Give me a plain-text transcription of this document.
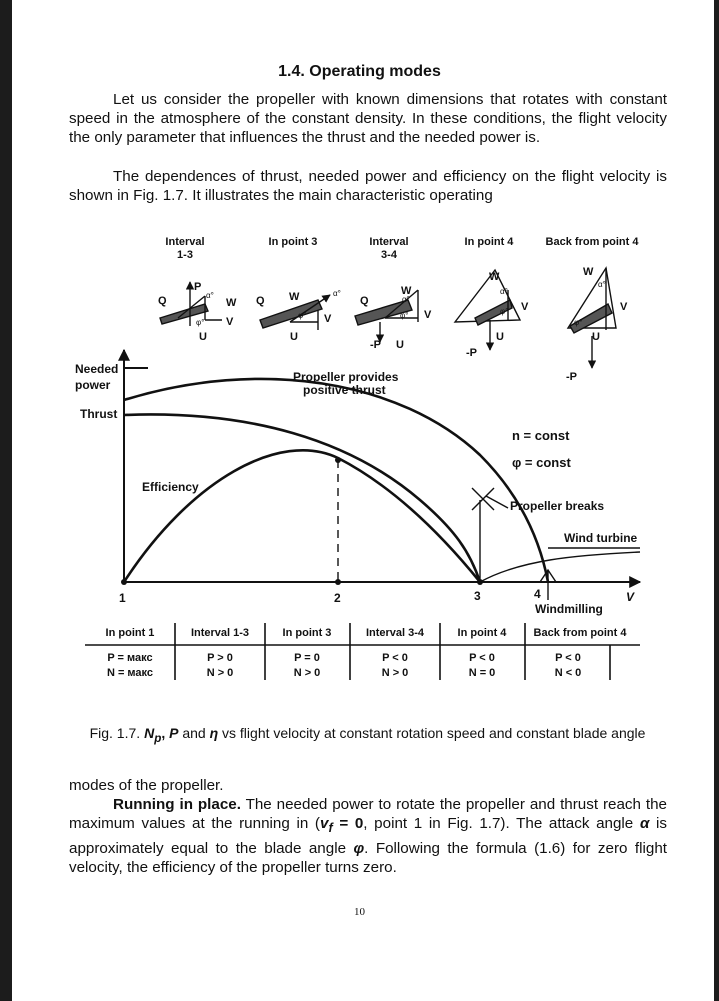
1.4. Operating modes

Let us consider the propeller with known dimensions that rotates with constant speed in the atmosphere of the constant density. In these conditions, the flight velocity the only parameter that influences the thrust and the needed power is.

The dependences of thrust, needed power and efficiency on the flight velocity is shown in Fig. 1.7. It illustrates the main characteristic operating

Interval
1-3
In point 3	Interval
3-4
In point 4	Back from point 4
Q
P
W
V
U
Q W
V
U
Q
W
V
-P U
W
V
U
-P
W
V
U
-P
α°
φ°
α°
φ°
α°
φ°
α°
φ°
α°
φ°
Needed
power
Thrust
V
Efficiency
Propeller provides
positive thrust
n = const
φ = const
Propeller breaks
Wind turbine
Windmilling
1	2	3	4
In point 1	Interval 1-3	In point 3	Interval 3-4	In point 4 Back from point 4
P = макс	P > 0	P = 0	P < 0	P < 0	P < 0
N = макс	N > 0	N > 0	N > 0	N = 0	N < 0
Fig. 1.7. $N_p$, P and η vs flight velocity at constant rotation speed and constant blade angle

modes of the propeller.
Running in place. The needed power to rotate the propeller and thrust reach the maximum values at the running in ($v_f = 0$, point 1 in Fig. 1.7). The attack angle α is approximately equal to the blade angle φ. Following the formula (1.6) for zero flight velocity, the efficiency of the propeller turns zero.

10
